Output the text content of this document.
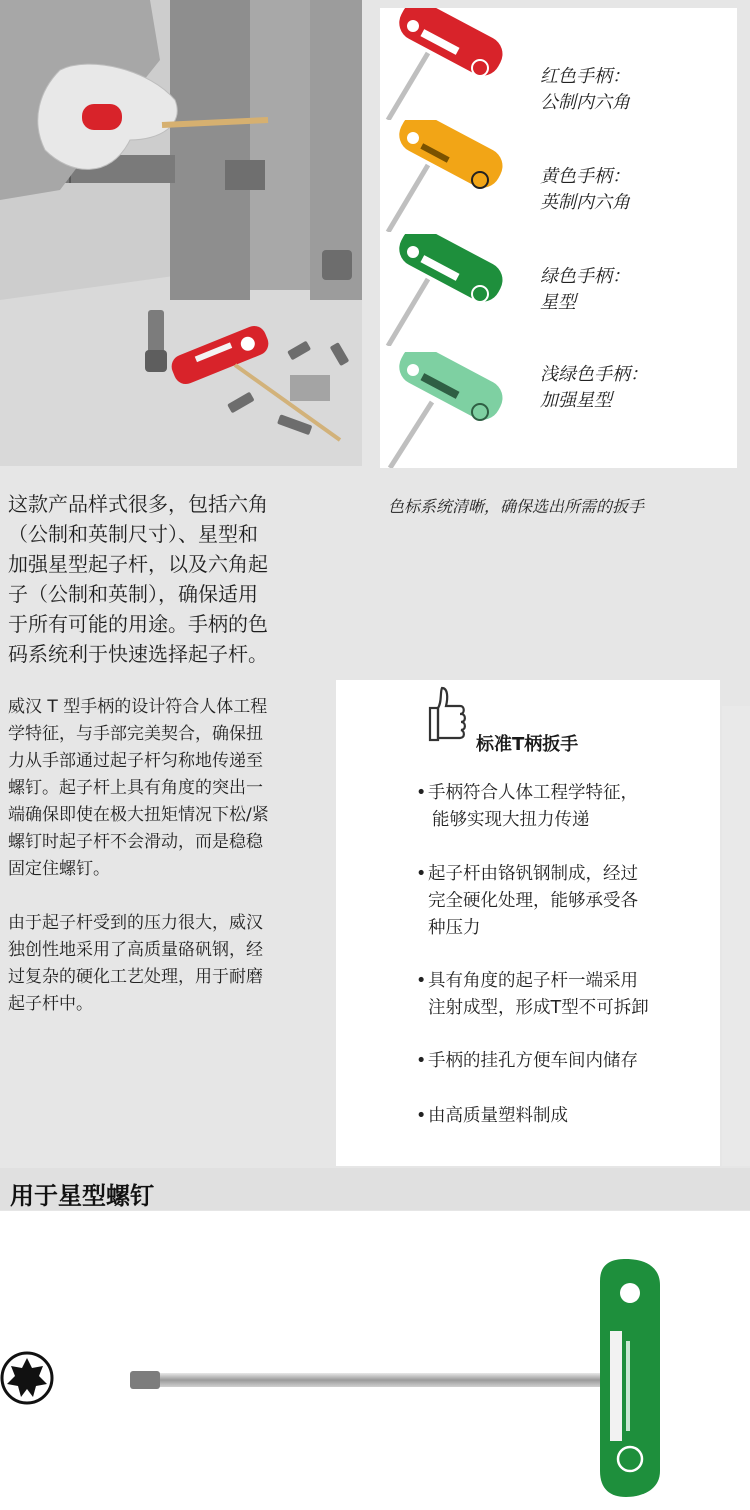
红色手柄：
公制内六角
黄色手柄：
英制内六角
绿色手柄：
星型
浅绿色手柄：
加强星型
色标系统清晰，确保选出所需的扳手
这款产品样式很多，包括六角
（公制和英制尺寸）、星型和
加强星型起子杆，以及六角起
子（公制和英制），确保适用
于所有可能的用途。手柄的色
码系统利于快速选择起子杆。
威汉 T 型手柄的设计符合人体工程
学特征，与手部完美契合，确保扭
力从手部通过起子杆匀称地传递至
螺钉。起子杆上具有角度的突出一
端确保即使在极大扭矩情况下松/紧
螺钉时起子杆不会滑动，而是稳稳
固定住螺钉。
由于起子杆受到的压力很大，威汉
独创性地采用了高质量硌矾钢，经
过复杂的硬化工艺处理，用于耐磨
起子杆中。
标准T柄扳手
• 手柄符合人体工程学特征，
能够实现大扭力传递
• 起子杆由铬钒钢制成，经过
完全硬化处理，能够承受各
种压力
• 具有角度的起子杆一端采用
注射成型，形成T型不可拆卸
• 手柄的挂孔方便车间内储存
• 由高质量塑料制成
用于星型螺钉
